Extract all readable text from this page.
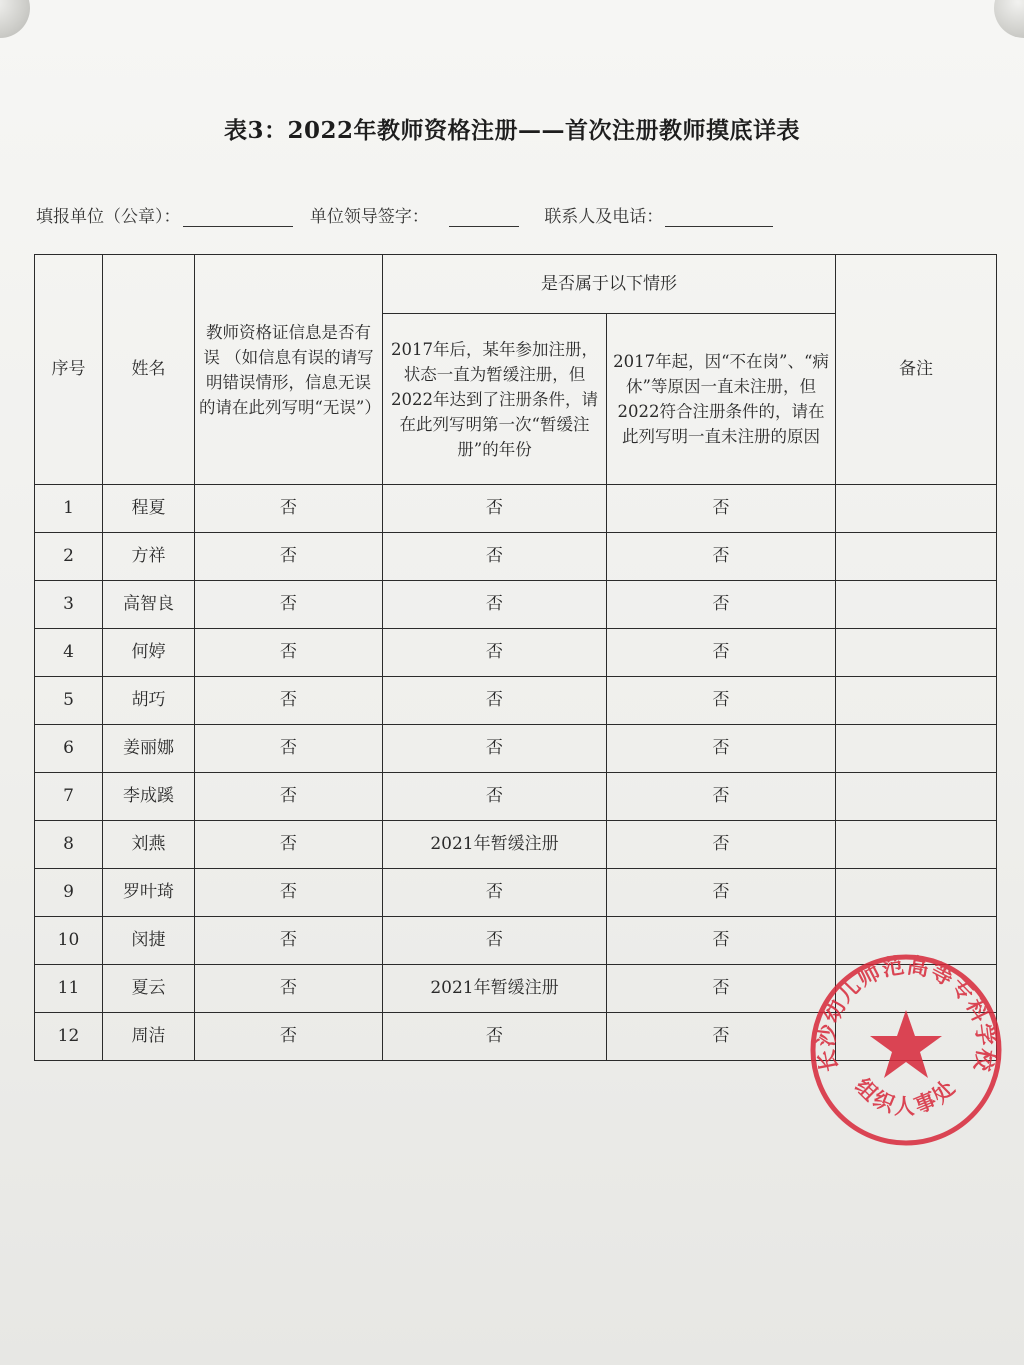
表3：2022年教师资格注册——首次注册教师摸底详表
填报单位（公章）：	单位领导签字：	联系人及电话：
序号	姓名	教师资格证信息是否有误 （如信息有误的请写明错误情形，信息无误的请在此列写明“无误”）	是否属于以下情形		备注
			2017年后，某年参加注册，状态一直为暂缓注册，但2022年达到了注册条件，请在此列写明第一次“暂缓注册”的年份	2017年起，因“不在岗”、“病休”等原因一直未注册，但2022符合注册条件的，请在此列写明一直未注册的原因	
1	程夏	否	否	否	
2	方祥	否	否	否	
3	高智良	否	否	否	
4	何婷	否	否	否	
5	胡巧	否	否	否	
6	姜丽娜	否	否	否	
7	李成蹊	否	否	否	
8	刘燕	否	2021年暂缓注册	否	
9	罗叶琦	否	否	否	
10	闵捷	否	否	否	
11	夏云	否	2021年暂缓注册	否	
12	周洁	否	否	否	
长沙幼儿师范高等专科学校
组织人事处
